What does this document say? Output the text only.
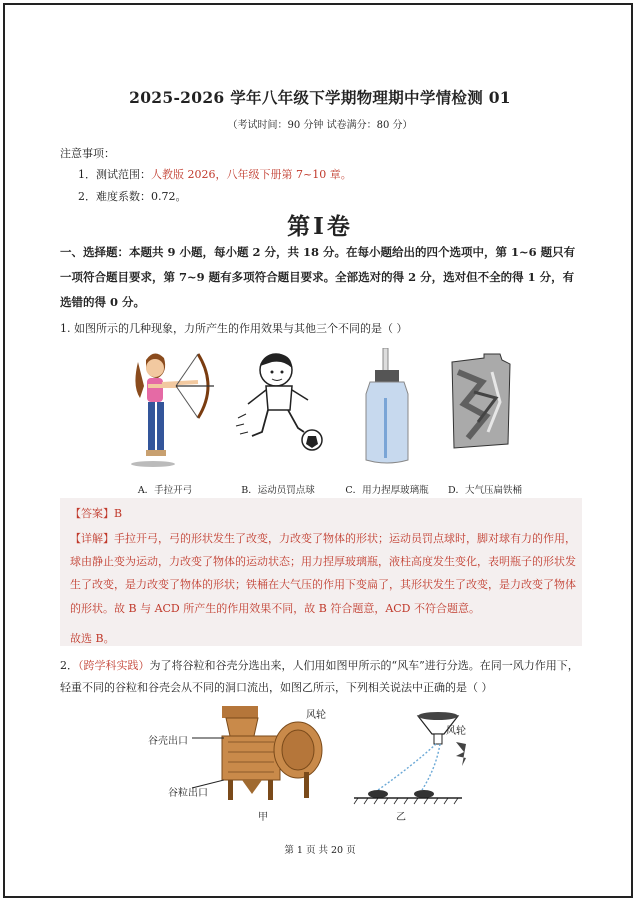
2025-2026 学年八年级下学期物理期中学情检测 01
（考试时间：90 分钟 试卷满分：80 分）
注意事项：
1．测试范围：人教版 2026，八年级下册第 7~10 章。
2．难度系数：0.72。
第Ⅰ卷
一、选择题：本题共 9 小题，每小题 2 分，共 18 分。在每小题给出的四个选项中，第 1~6 题只有一项符合题目要求，第 7~9 题有多项符合题目要求。全部选对的得 2 分，选对但不全的得 1 分，有选错的得 0 分。
1. 如图所示的几种现象，力所产生的作用效果与其他三个不同的是（ ）
A．手拉开弓	B．运动员罚点球	C．用力捏厚玻璃瓶	D．大气压扁铁桶
【答案】B
【详解】手拉开弓，弓的形状发生了改变，力改变了物体的形状；运动员罚点球时，脚对球有力的作用，球由静止变为运动，力改变了物体的运动状态；用力捏厚玻璃瓶，液柱高度发生变化，表明瓶子的形状发生了改变，是力改变了物体的形状；铁桶在大气压的作用下变扁了，其形状发生了改变，是力改变了物体的形状。故 B 与 ACD 所产生的作用效果不同，故 B 符合题意，ACD 不符合题意。
故选 B。
2．（跨学科实践）为了将谷粒和谷壳分选出来，人们用如图甲所示的“风车”进行分选。在同一风力作用下，轻重不同的谷粒和谷壳会从不同的洞口流出，如图乙所示，下列相关说法中正确的是（ ）
谷壳出口
谷粒出口
风轮
甲
风轮
乙
第 1 页 共 20 页
